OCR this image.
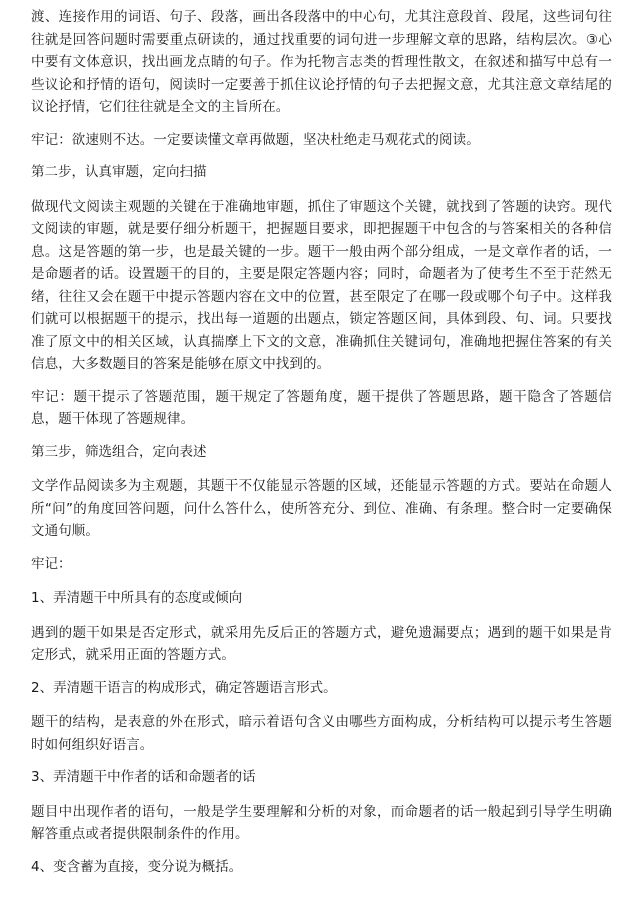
渡、连接作用的词语、句子、段落，画出各段落中的中心句，尤其注意段首、段尾，这些词句往往就是回答问题时需要重点研读的，通过找重要的词句进一步理解文章的思路，结构层次。③心中要有文体意识，找出画龙点睛的句子。作为托物言志类的哲理性散文，在叙述和描写中总有一些议论和抒情的语句，阅读时一定要善于抓住议论抒情的句子去把握文意，尤其注意文章结尾的议论抒情，它们往往就是全文的主旨所在。

牢记：欲速则不达。一定要读懂文章再做题，坚决杜绝走马观花式的阅读。

第二步，认真审题，定向扫描

做现代文阅读主观题的关键在于准确地审题，抓住了审题这个关键，就找到了答题的诀窍。现代文阅读的审题，就是要仔细分析题干，把握题目要求，即把握题干中包含的与答案相关的各种信息。这是答题的第一步，也是最关键的一步。题干一般由两个部分组成，一是文章作者的话，一是命题者的话。设置题干的目的，主要是限定答题内容；同时，命题者为了使考生不至于茫然无绪，往往又会在题干中提示答题内容在文中的位置，甚至限定了在哪一段或哪个句子中。这样我们就可以根据题干的提示，找出每一道题的出题点，锁定答题区间，具体到段、句、词。只要找准了原文中的相关区域，认真揣摩上下文的文意，准确抓住关键词句，准确地把握住答案的有关信息，大多数题目的答案是能够在原文中找到的。

牢记：题干提示了答题范围，题干规定了答题角度，题干提供了答题思路，题干隐含了答题信息，题干体现了答题规律。

第三步，筛选组合，定向表述

文学作品阅读多为主观题，其题干不仅能显示答题的区域，还能显示答题的方式。要站在命题人所“问”的角度回答问题，问什么答什么，使所答充分、到位、准确、有条理。整合时一定要确保文通句顺。

牢记：

1、弄清题干中所具有的态度或倾向

遇到的题干如果是否定形式，就采用先反后正的答题方式，避免遗漏要点；遇到的题干如果是肯定形式，就采用正面的答题方式。

2、弄清题干语言的构成形式，确定答题语言形式。

题干的结构，是表意的外在形式，暗示着语句含义由哪些方面构成，分析结构可以提示考生答题时如何组织好语言。

3、弄清题干中作者的话和命题者的话

题目中出现作者的语句，一般是学生要理解和分析的对象，而命题者的话一般起到引导学生明确解答重点或者提供限制条件的作用。

4、变含蓄为直接，变分说为概括。
